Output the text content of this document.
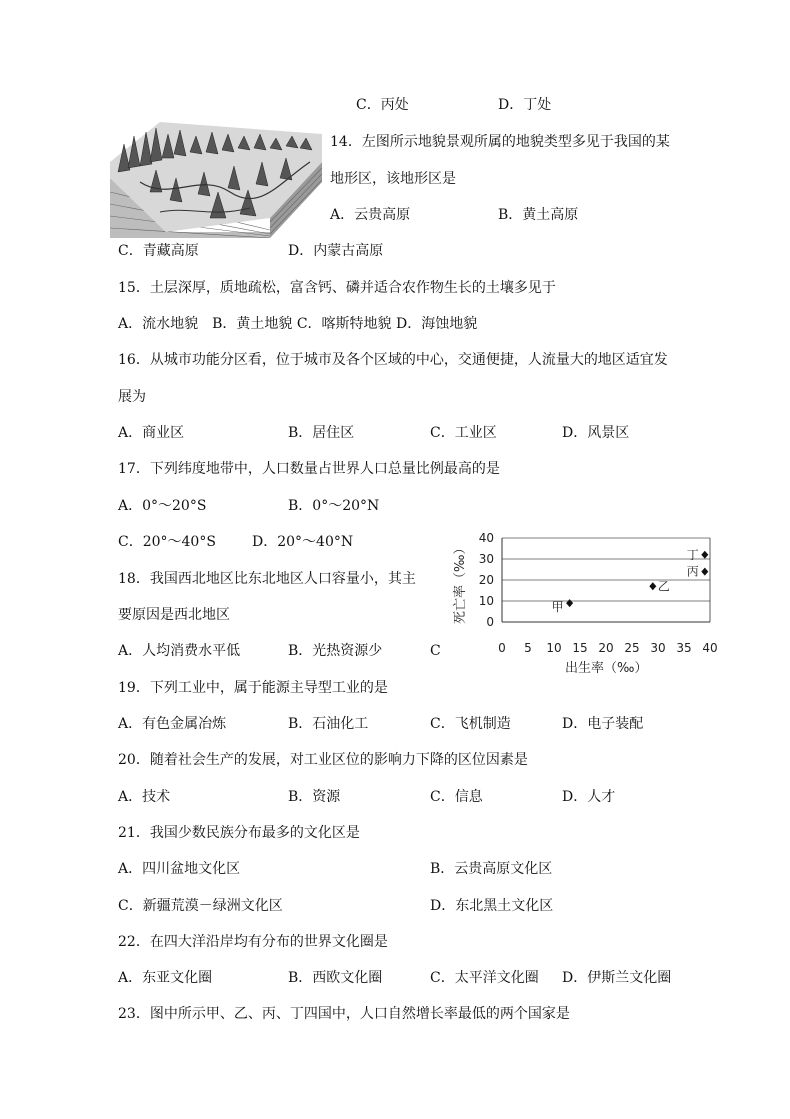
C．丙处	D．丁处
14．左图所示地貌景观所属的地貌类型多见于我国的某
地形区，该地形区是
A．云贵高原	B．黄土高原
C．青藏高原	D．内蒙古高原
15．土层深厚，质地疏松，富含钙、磷并适合农作物生长的土壤多见于
A．流水地貌　B．黄土地貌 C．喀斯特地貌 D．海蚀地貌
16．从城市功能分区看，位于城市及各个区域的中心，交通便捷，人流量大的地区适宜发
展为
A．商业区	B．居住区	C．工业区	D．风景区
17．下列纬度地带中，人口数量占世界人口总量比例最高的是
A．0°～20°S	B．0°～20°N
C．20°～40°S	D．20°～40°N
18．我国西北地区比东北地区人口容量小，其主
要原因是西北地区
A．人均消费水平低	B．光热资源少	C	0 5 10 15 20 25 30 35 40
0
10
20
30
40
甲
乙
丙
丁
出生率（‰）
死亡率（‰）
19．下列工业中，属于能源主导型工业的是
A．有色金属冶炼	B．石油化工	C．飞机制造	D．电子装配
20．随着社会生产的发展，对工业区位的影响力下降的区位因素是
A．技术	B．资源	C．信息	D．人才
21．我国少数民族分布最多的文化区是
A．四川盆地文化区	B．云贵高原文化区
C．新疆荒漠－绿洲文化区	D．东北黑土文化区
22．在四大洋沿岸均有分布的世界文化圈是
A．东亚文化圈	B．西欧文化圈	C．太平洋文化圈 D．伊斯兰文化圈
23．图中所示甲、乙、丙、丁四国中，人口自然增长率最低的两个国家是
